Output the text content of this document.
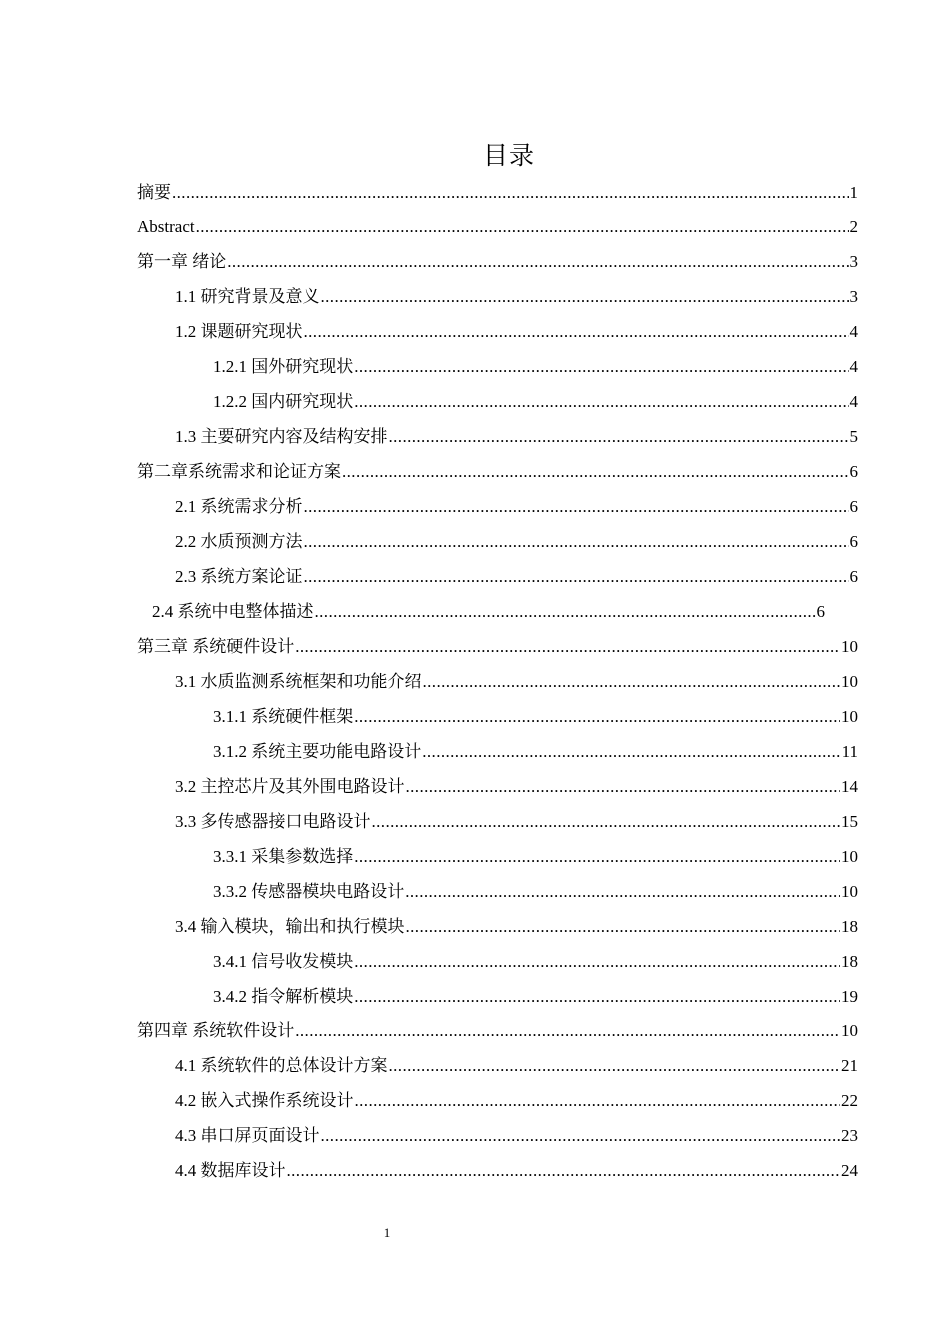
目录
摘要 .....	1
Abstract .....	2
第一章 绪论 .....	3
1.1 研究背景及意义 .....	3
1.2 课题研究现状 .....	4
1.2.1 国外研究现状 .....	4
1.2.2 国内研究现状 .....	4
1.3 主要研究内容及结构安排 .....	5
第二章系统需求和论证方案 .....	6
2.1 系统需求分析 .....	6
2.2 水质预测方法 .....	6
2.3 系统方案论证 .....	6
2.4 系统中电整体描述 .....	6
第三章 系统硬件设计 .....	10
3.1 水质监测系统框架和功能介绍 .....	10
3.1.1 系统硬件框架 .....	10
3.1.2 系统主要功能电路设计 .....	11
3.2 主控芯片及其外围电路设计 .....	14
3.3 多传感器接口电路设计 .....	15
3.3.1 采集参数选择 .....	10
3.3.2 传感器模块电路设计 .....	10
3.4 输入模块，输出和执行模块 .....	18
3.4.1 信号收发模块 .....	18
3.4.2 指令解析模块 .....	19
第四章 系统软件设计 .....	10
4.1 系统软件的总体设计方案 .....	21
4.2 嵌入式操作系统设计 .....	22
4.3 串口屏页面设计 .....	23
4.4 数据库设计 .....	24
1
